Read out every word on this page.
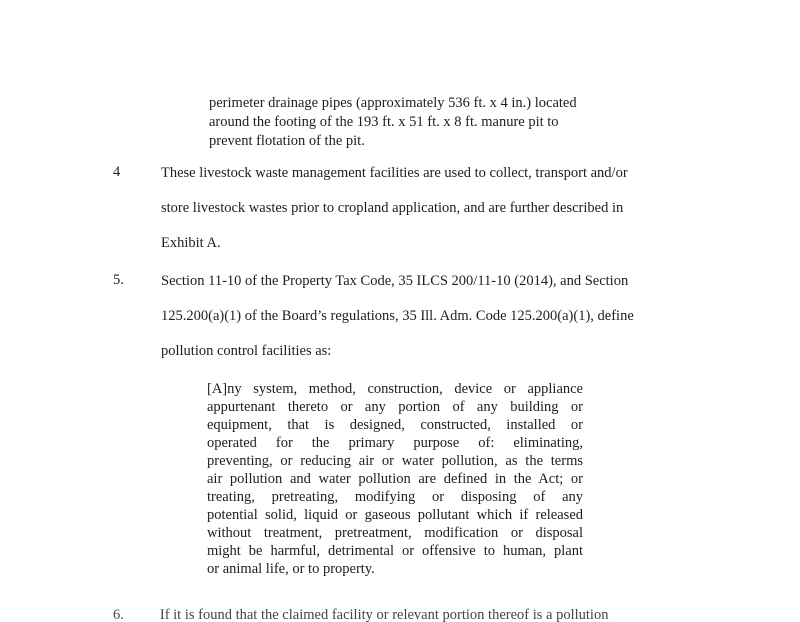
perimeter drainage pipes (approximately 536 ft. x 4 in.) located
around the footing of the 193 ft. x 51 ft. x 8 ft. manure pit to
prevent flotation of the pit.
4	These livestock waste management facilities are used to collect, transport and/or
store livestock wastes prior to cropland application, and are further described in
Exhibit A.
5.	Section 11-10 of the Property Tax Code, 35 ILCS 200/11-10 (2014), and Section
125.200(a)(1) of the Board’s regulations, 35 Ill. Adm. Code 125.200(a)(1), define
pollution control facilities as:
[A]ny system, method, construction, device or appliance
appurtenant thereto or any portion of any building or
equipment, that is designed, constructed, installed or
operated for the primary purpose of: eliminating,
preventing, or reducing air or water pollution, as the terms
air pollution and water pollution are defined in the Act; or
treating, pretreating, modifying or disposing of any
potential solid, liquid or gaseous pollutant which if released
without treatment, pretreatment, modification or disposal
might be harmful, detrimental or offensive to human, plant
or animal life, or to property.
6. If it is found that the claimed facility or relevant portion thereof is a pollution
